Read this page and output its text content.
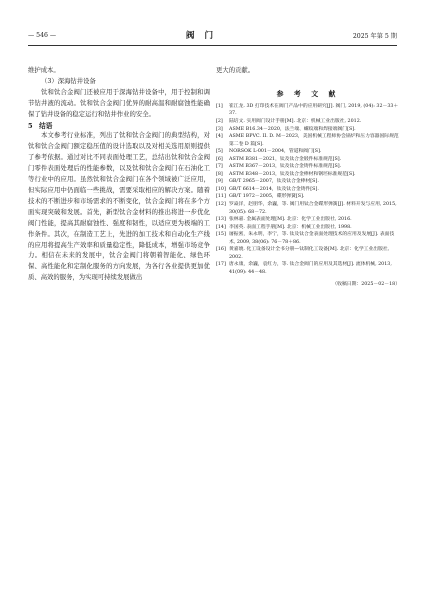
— 546 —	阀门	2025 年第 5 期

维护成本。

（3）深海钻井设备

钛和钛合金阀门还被应用于深海钻井设备中，用于控制和调节钻井液的流动。钛和钛合金阀门优异的耐高温和耐腐蚀性能确保了钻井设备的稳定运行和钻井作业的安全。

5　结语

本文参考行业标准，列出了钛和钛合金阀门的典型结构，对钛和钛合金阀门额定稳压值的设计选取以及对相关选用原则提供了参考依据。通过对比不同表面处理工艺，总结出钛和钛合金阀门零件表面处理后的性能参数，以及钛和钛合金阀门在石油化工等行业中的应用。虽然钛和钛合金阀门在各个领域被广泛应用，但实际应用中仍面临一些挑战，需要采取相应的解决方案。随着技术的不断进步和市场需求的不断变化，钛合金阀门将在多个方面实现突破和发展。首先，新型钛合金材料的推出将进一步优化阀门性能，提高其耐腐蚀性、强度和韧性，以适应更为极端的工作条件。其次，在制造工艺上，先进的加工技术和自动化生产线的应用将提高生产效率和质量稳定性，降低成本，增强市场竞争力。相信在未来的发展中，钛合金阀门将朝着智能化、绿色环保、高性能化和定制化服务的方向发展，为各行各业提供更加优质、高效的服务，为实现可持续发展做出

更大的贡献。

参 考 文 献
[1]	崔江龙. 3D 打印技术在阀门产品中的应用研究[J]. 阀门, 2019, (04): 32－33＋37.
[2]	陆培文. 实用阀门设计手册[M]. 北京：机械工业出版社, 2012.
[3]	ASME B16.34－2020，法兰端、螺纹端和焊接端阀门[S].
[4]	ASME BPVC. II. D. M－2023，美国机械工程师协会锅炉和压力容器国际规范 第二卷 D 篇[S].
[5]	NORSOK L-001－2004，管道和阀门[S].
[6]	ASTM B381－2021，钛及钛合金锻件标准规范[S].
[7]	ASTM B367－2013，钛及钛合金铸件标准规范[S].
[8]	ASTM B348－2013，钛及钛合金棒材和钢坯标准规范[S].
[9]	GB/T 2965－2007，钛及钛合金棒材[S].
[10] GB/T 6614－2014，钛及钛合金铸件[S].
[11] GB/T 1972－2005，碟形弹簧[S].
[12] 罗焱洋，赵朋华，余巍，等. 阀门用钛合金碟形弹簧[J]. 材料开发与应用, 2015, 30(05): 68－72.
[13] 张林嘉. 金属表面处理[M]. 北京：化学工业出版社, 2016.
[14] 李国英. 表面工程手册[M]. 北京：机械工业出版社, 1998.
[15] 屠振密，朱永明，李宁，等. 钛及钛合金表面处理技术的应用及发展[J]. 表面技术, 2009, 38(06): 76－78＋86.
[16] 黄嘉琥. 化工设备设计全书分册—钛制化工设备[M]. 北京：化学工业出版社, 2002.
[17] 唐永康，余巍，袁红力，等. 钛合金阀门的应用及其选材[J]. 流体机械, 2013, 41(09): 44－48.
（收稿日期：2025－02－18）
